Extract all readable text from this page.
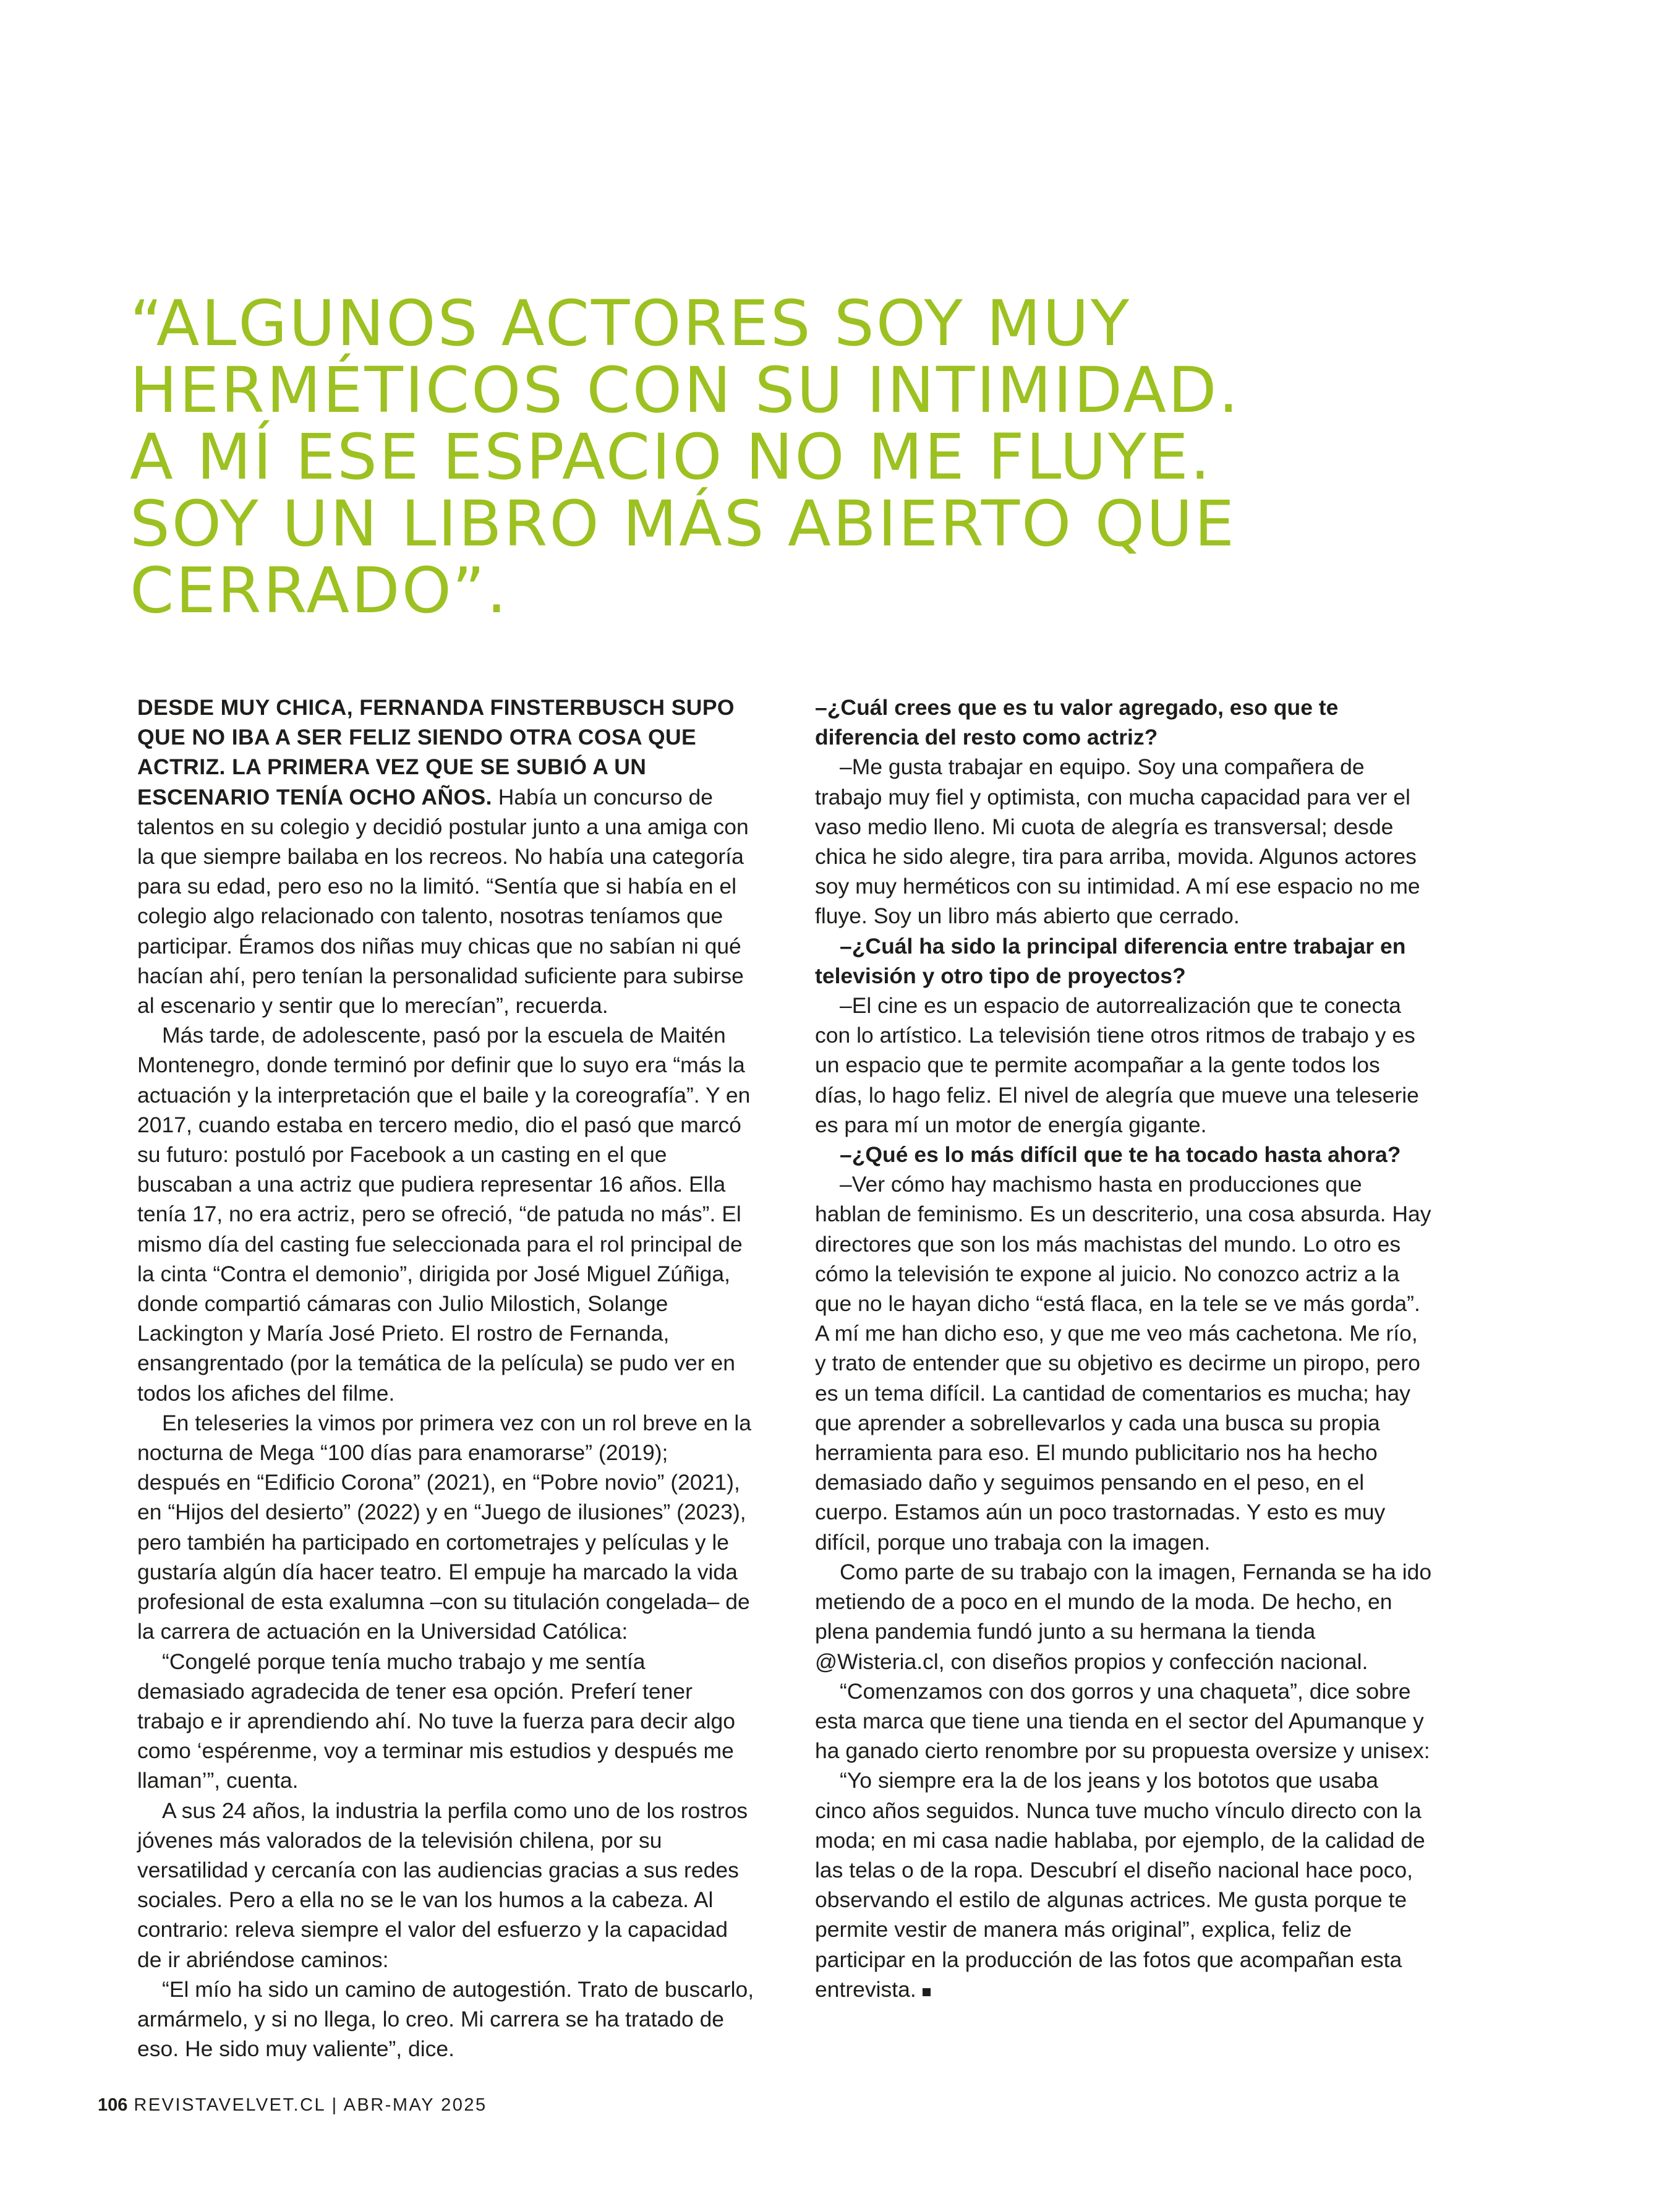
“ALGUNOS ACTORES SOY MUY
HERMÉTICOS CON SU INTIMIDAD.
A MÍ ESE ESPACIO NO ME FLUYE.
SOY UN LIBRO MÁS ABIERTO QUE
CERRADO”.

DESDE MUY CHICA, FERNANDA FINSTERBUSCH SUPO QUE NO IBA A SER FELIZ SIENDO OTRA COSA QUE ACTRIZ. LA PRIMERA VEZ QUE SE SUBIÓ A UN ESCENARIO TENÍA OCHO AÑOS. Había un concurso de talentos en su colegio y decidió postular junto a una amiga con la que siempre bailaba en los recreos. No había una categoría para su edad, pero eso no la limitó. “Sentía que si había en el colegio algo relacionado con talento, nosotras teníamos que participar. Éramos dos niñas muy chicas que no sabían ni qué hacían ahí, pero tenían la personalidad suficiente para subirse al escenario y sentir que lo merecían”, recuerda.

Más tarde, de adolescente, pasó por la escuela de Maitén Montenegro, donde terminó por definir que lo suyo era “más la actuación y la interpretación que el baile y la coreografía”. Y en 2017, cuando estaba en tercero medio, dio el pasó que marcó su futuro: postuló por Facebook a un casting en el que buscaban a una actriz que pudiera representar 16 años. Ella tenía 17, no era actriz, pero se ofreció, “de patuda no más”. El mismo día del casting fue seleccionada para el rol principal de la cinta “Contra el demonio”, dirigida por José Miguel Zúñiga, donde compartió cámaras con Julio Milostich, Solange Lackington y María José Prieto. El rostro de Fernanda, ensangrentado (por la temática de la película) se pudo ver en todos los afiches del filme.

En teleseries la vimos por primera vez con un rol breve en la nocturna de Mega “100 días para enamorarse” (2019); después en “Edificio Corona” (2021), en “Pobre novio” (2021), en “Hijos del desierto” (2022) y en “Juego de ilusiones” (2023), pero también ha participado en cortometrajes y películas y le gustaría algún día hacer teatro. El empuje ha marcado la vida profesional de esta exalumna –con su titulación congelada– de la carrera de actuación en la Universidad Católica:

“Congelé porque tenía mucho trabajo y me sentía demasiado agradecida de tener esa opción. Preferí tener trabajo e ir aprendiendo ahí. No tuve la fuerza para decir algo como ‘espérenme, voy a terminar mis estudios y después me llaman’”, cuenta.

A sus 24 años, la industria la perfila como uno de los rostros jóvenes más valorados de la televisión chilena, por su versatilidad y cercanía con las audiencias gracias a sus redes sociales. Pero a ella no se le van los humos a la cabeza. Al contrario: releva siempre el valor del esfuerzo y la capacidad de ir abriéndose caminos:

“El mío ha sido un camino de autogestión. Trato de buscarlo, armármelo, y si no llega, lo creo. Mi carrera se ha tratado de eso. He sido muy valiente”, dice.

–¿Cuál crees que es tu valor agregado, eso que te diferencia del resto como actriz?

–Me gusta trabajar en equipo. Soy una compañera de trabajo muy fiel y optimista, con mucha capacidad para ver el vaso medio lleno. Mi cuota de alegría es transversal; desde chica he sido alegre, tira para arriba, movida. Algunos actores soy muy herméticos con su intimidad. A mí ese espacio no me fluye. Soy un libro más abierto que cerrado.

–¿Cuál ha sido la principal diferencia entre trabajar en televisión y otro tipo de proyectos?

–El cine es un espacio de autorrealización que te conecta con lo artístico. La televisión tiene otros ritmos de trabajo y es un espacio que te permite acompañar a la gente todos los días, lo hago feliz. El nivel de alegría que mueve una teleserie es para mí un motor de energía gigante.

–¿Qué es lo más difícil que te ha tocado hasta ahora?

–Ver cómo hay machismo hasta en producciones que hablan de feminismo. Es un descriterio, una cosa absurda. Hay directores que son los más machistas del mundo. Lo otro es cómo la televisión te expone al juicio. No conozco actriz a la que no le hayan dicho “está flaca, en la tele se ve más gorda”. A mí me han dicho eso, y que me veo más cachetona. Me río, y trato de entender que su objetivo es decirme un piropo, pero es un tema difícil. La cantidad de comentarios es mucha; hay que aprender a sobrellevarlos y cada una busca su propia herramienta para eso. El mundo publicitario nos ha hecho demasiado daño y seguimos pensando en el peso, en el cuerpo. Estamos aún un poco trastornadas. Y esto es muy difícil, porque uno trabaja con la imagen.

Como parte de su trabajo con la imagen, Fernanda se ha ido metiendo de a poco en el mundo de la moda. De hecho, en plena pandemia fundó junto a su hermana la tienda @Wisteria.cl, con diseños propios y confección nacional.

“Comenzamos con dos gorros y una chaqueta”, dice sobre esta marca que tiene una tienda en el sector del Apumanque y ha ganado cierto renombre por su propuesta oversize y unisex:

“Yo siempre era la de los jeans y los bototos que usaba cinco años seguidos. Nunca tuve mucho vínculo directo con la moda; en mi casa nadie hablaba, por ejemplo, de la calidad de las telas o de la ropa. Descubrí el diseño nacional hace poco, observando el estilo de algunas actrices. Me gusta porque te permite vestir de manera más original”, explica, feliz de participar en la producción de las fotos que acompañan esta entrevista.

106 REVISTAVELVET.CL | ABR-MAY 2025
